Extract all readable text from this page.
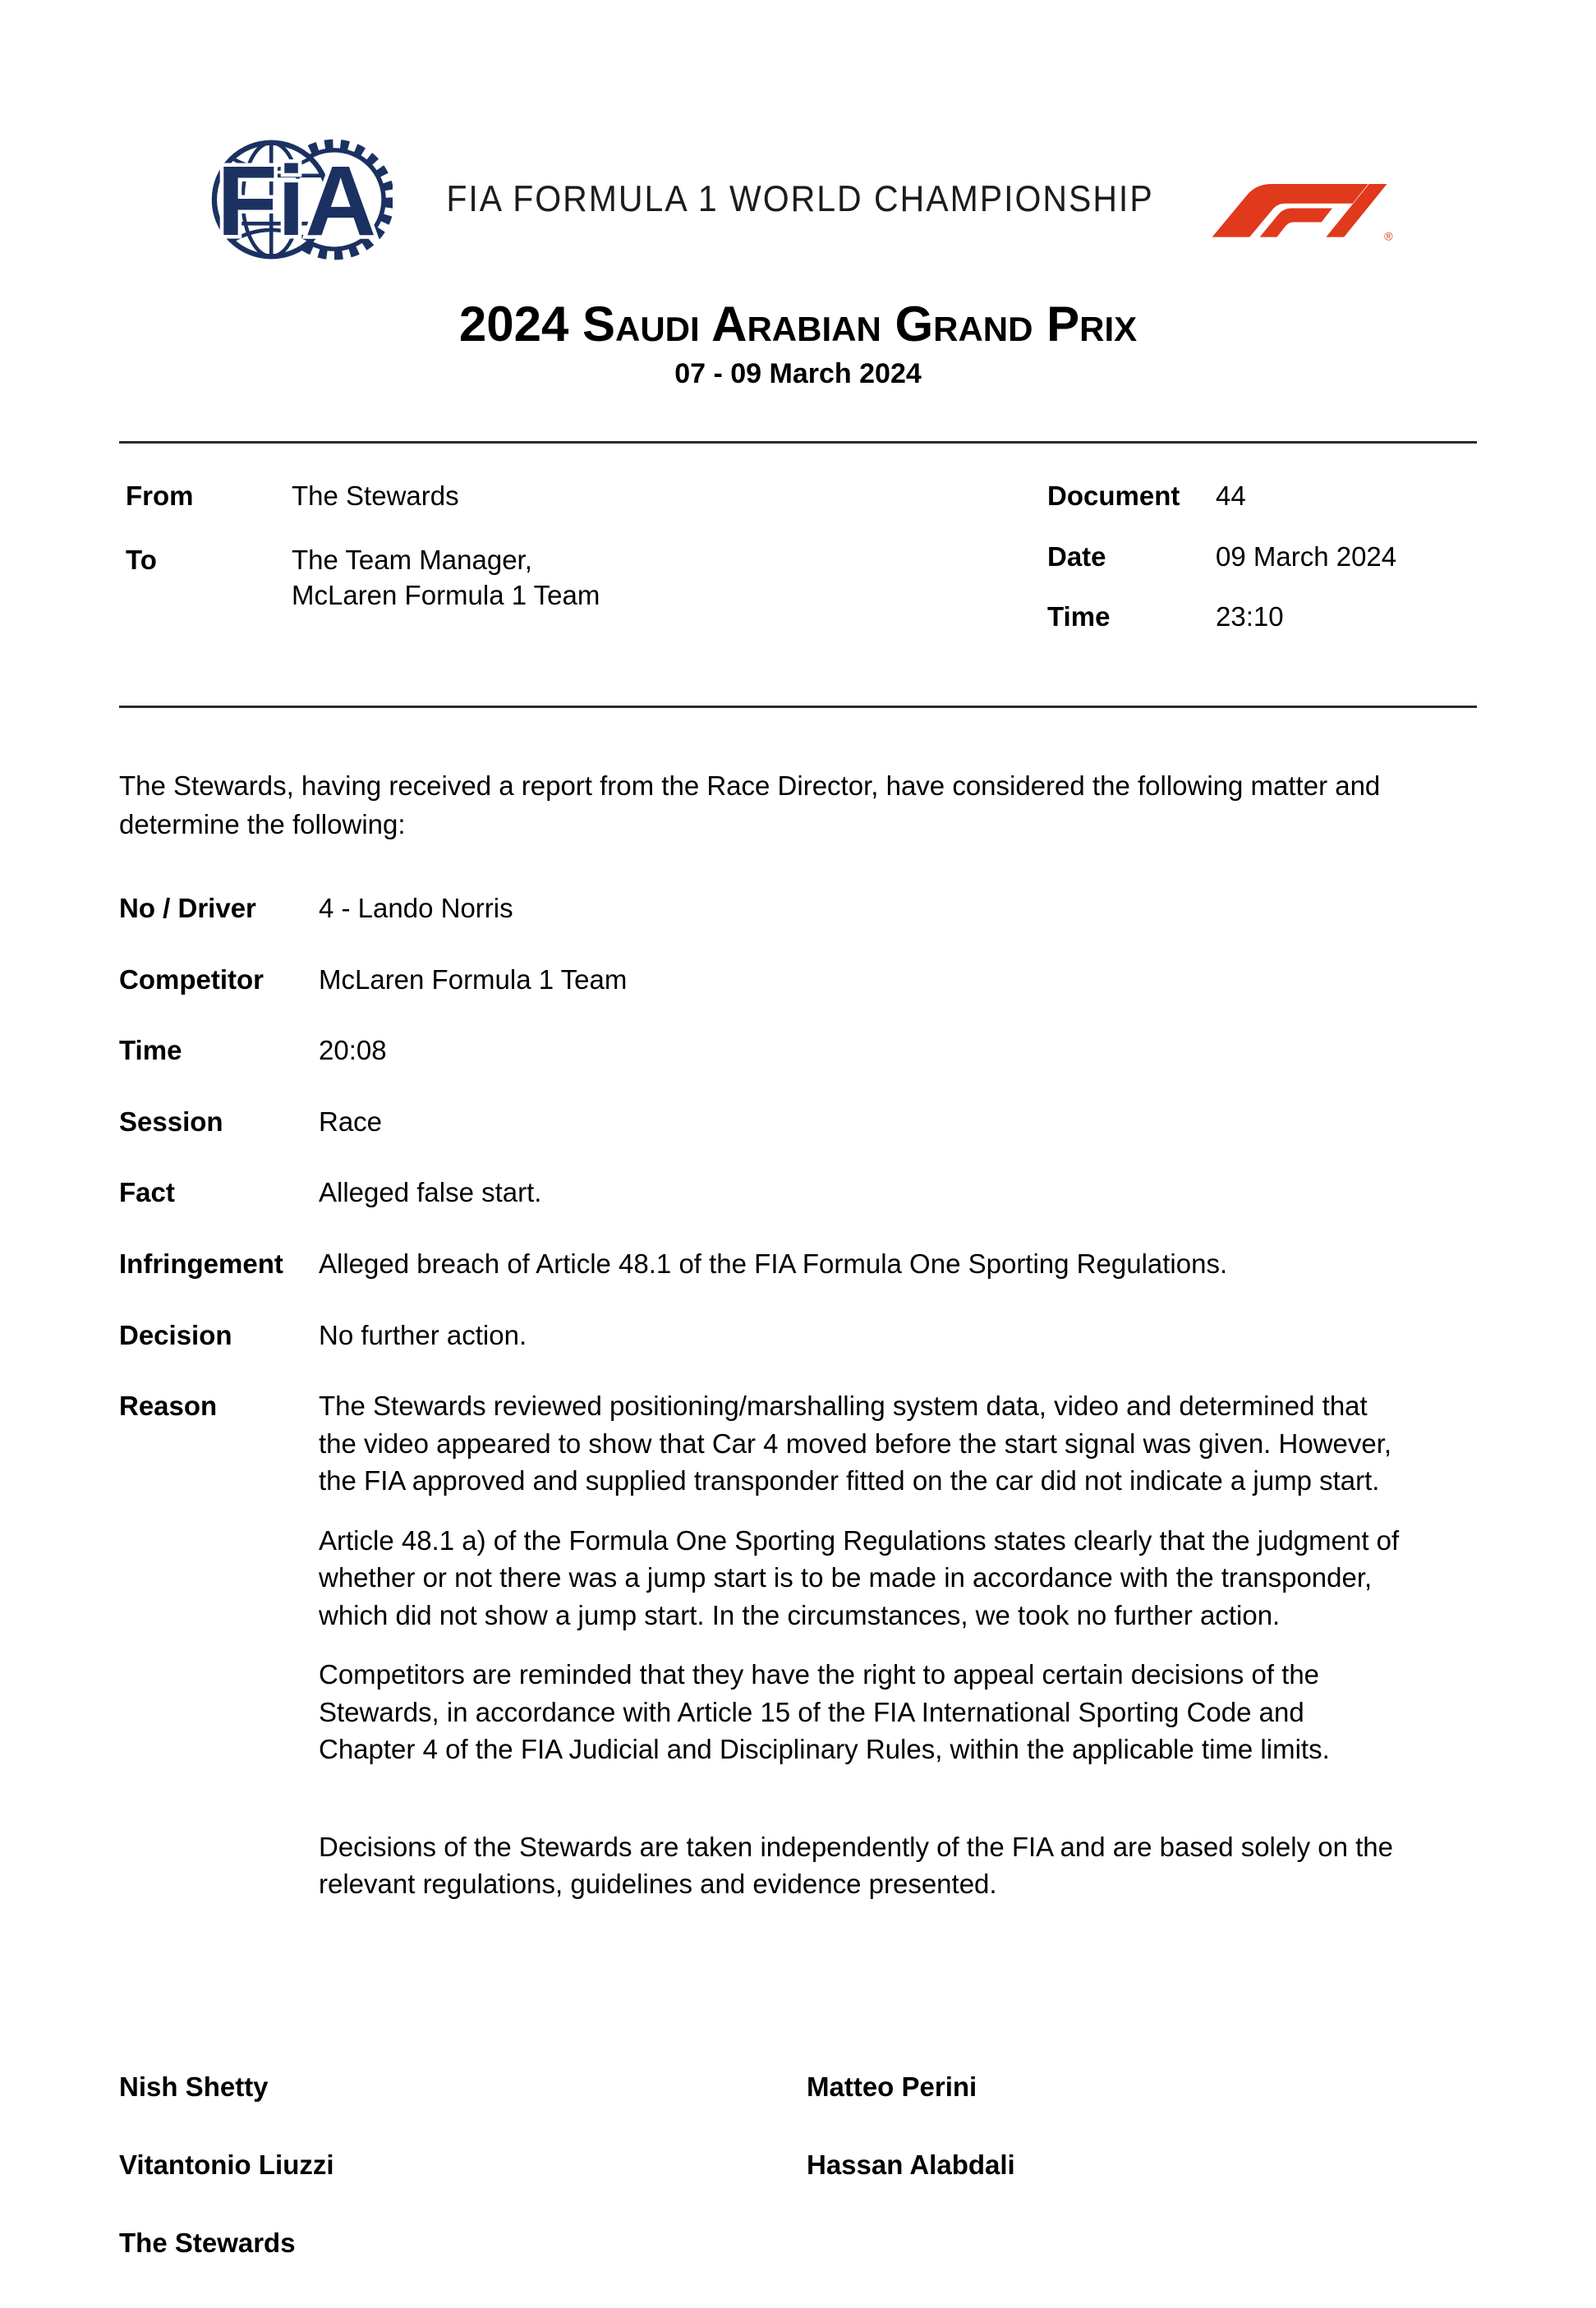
FiA	FIA FORMULA 1 WORLD CHAMPIONSHIP
®
2024 Saudi Arabian Grand Prix
07 - 09 March 2024
From	The Stewards
To	The Team Manager,
McLaren Formula 1 Team
Document	44
Date	09 March 2024
Time	23:10

The Stewards, having received a report from the Race Director, have considered the following matter and determine the following:

No / Driver	4 - Lando Norris
Competitor	McLaren Formula 1 Team
Time	20:08
Session	Race
Fact	Alleged false start.
Infringement	Alleged breach of Article 48.1 of the FIA Formula One Sporting Regulations.
Decision	No further action.
Reason	The Stewards reviewed positioning/marshalling system data, video and determined that the video appeared to show that Car 4 moved before the start signal was given. However, the FIA approved and supplied transponder fitted on the car did not indicate a jump start.

Article 48.1 a) of the Formula One Sporting Regulations states clearly that the judgment of whether or not there was a jump start is to be made in accordance with the transponder, which did not show a jump start. In the circumstances, we took no further action.

Competitors are reminded that they have the right to appeal certain decisions of the Stewards, in accordance with Article 15 of the FIA International Sporting Code and Chapter 4 of the FIA Judicial and Disciplinary Rules, within the applicable time limits.

Decisions of the Stewards are taken independently of the FIA and are based solely on the relevant regulations, guidelines and evidence presented.

Nish Shetty	Matteo Perini
Vitantonio Liuzzi	Hassan Alabdali
The Stewards
